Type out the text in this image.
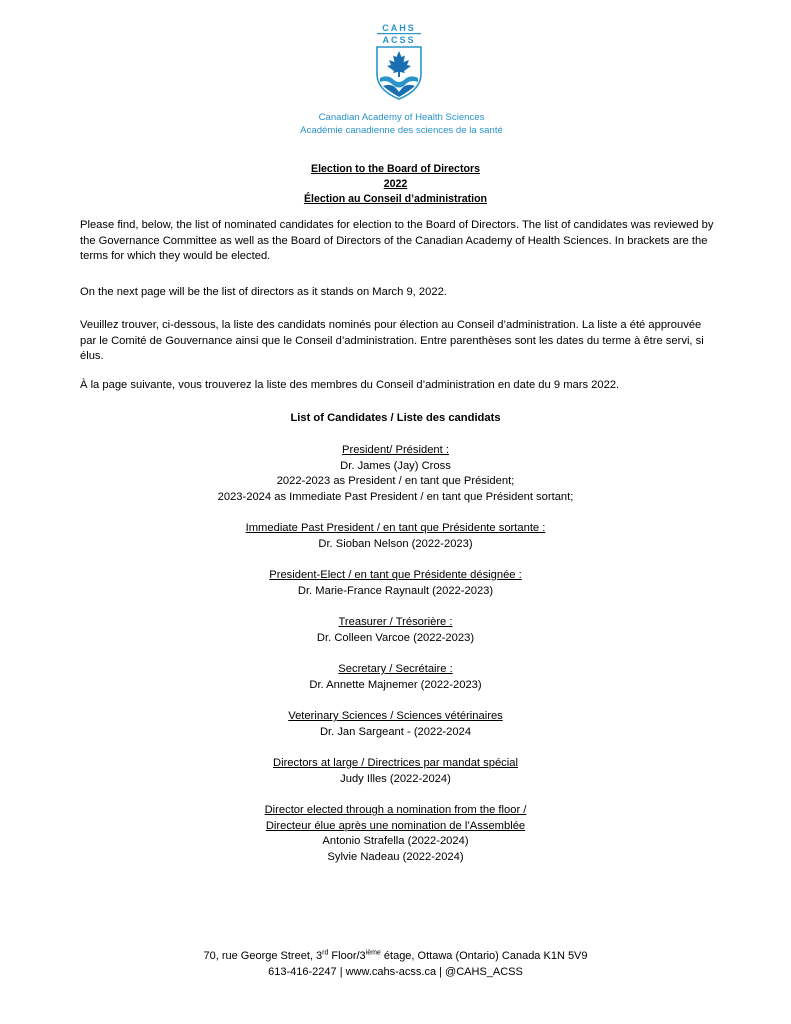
CAHS
ACSS
Canadian Academy of Health Sciences
Académie canadienne des sciences de la santé
Election to the Board of Directors
2022
Élection au Conseil d’administration
Please find, below, the list of nominated candidates for election to the Board of Directors. The list of candidates was reviewed by the Governance Committee as well as the Board of Directors of the Canadian Academy of Health Sciences. In brackets are the terms for which they would be elected.
On the next page will be the list of directors as it stands on March 9, 2022.
Veuillez trouver, ci-dessous, la liste des candidats nominés pour élection au Conseil d’administration. La liste a été approuvée par le Comité de Gouvernance ainsi que le Conseil d’administration. Entre parenthèses sont les dates du terme à être servi, si élus.
À la page suivante, vous trouverez la liste des membres du Conseil d’administration en date du 9 mars 2022.
List of Candidates / Liste des candidats
President/ Président :
Dr. James (Jay) Cross
2022-2023 as President / en tant que Président;
2023-2024 as Immediate Past President / en tant que Président sortant;
Immediate Past President / en tant que Présidente sortante :
Dr. Sioban Nelson (2022-2023)
President-Elect / en tant que Présidente désignée :
Dr. Marie-France Raynault (2022-2023)
Treasurer / Trésorière :
Dr. Colleen Varcoe (2022-2023)
Secretary / Secrétaire :
Dr. Annette Majnemer (2022-2023)
Veterinary Sciences / Sciences vétérinaires
Dr. Jan Sargeant - (2022-2024
Directors at large / Directrices par mandat spécial
Judy Illes (2022-2024)
Director elected through a nomination from the floor /
Directeur élue après une nomination de l’Assemblée
Antonio Strafella (2022-2024)
Sylvie Nadeau (2022-2024)
70, rue George Street, 3rd Floor/3ième étage, Ottawa (Ontario) Canada K1N 5V9
613-416-2247 | www.cahs-acss.ca | @CAHS_ACSS
